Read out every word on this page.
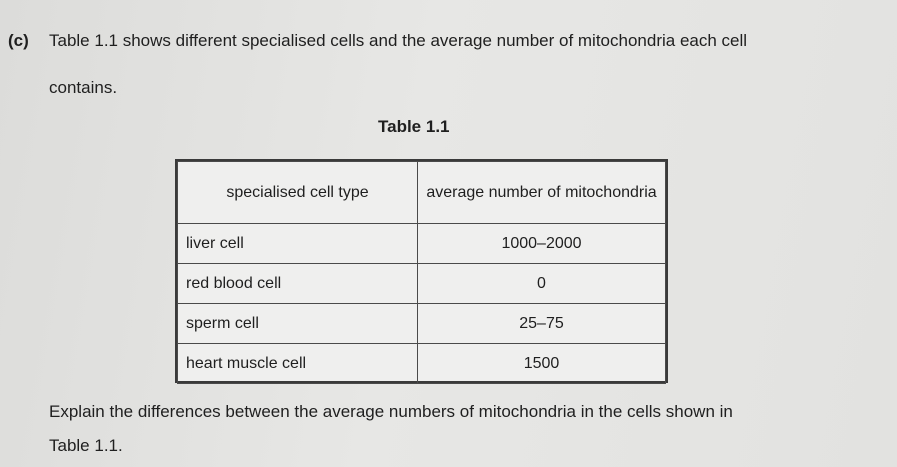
(c) Table 1.1 shows different specialised cells and the average number of mitochondria each cell
contains.
Table 1.1
specialised cell type	average number of mitochondria
liver cell	1000–2000
red blood cell	0
sperm cell	25–75
heart muscle cell	1500
Explain the differences between the average numbers of mitochondria in the cells shown in
Table 1.1.
